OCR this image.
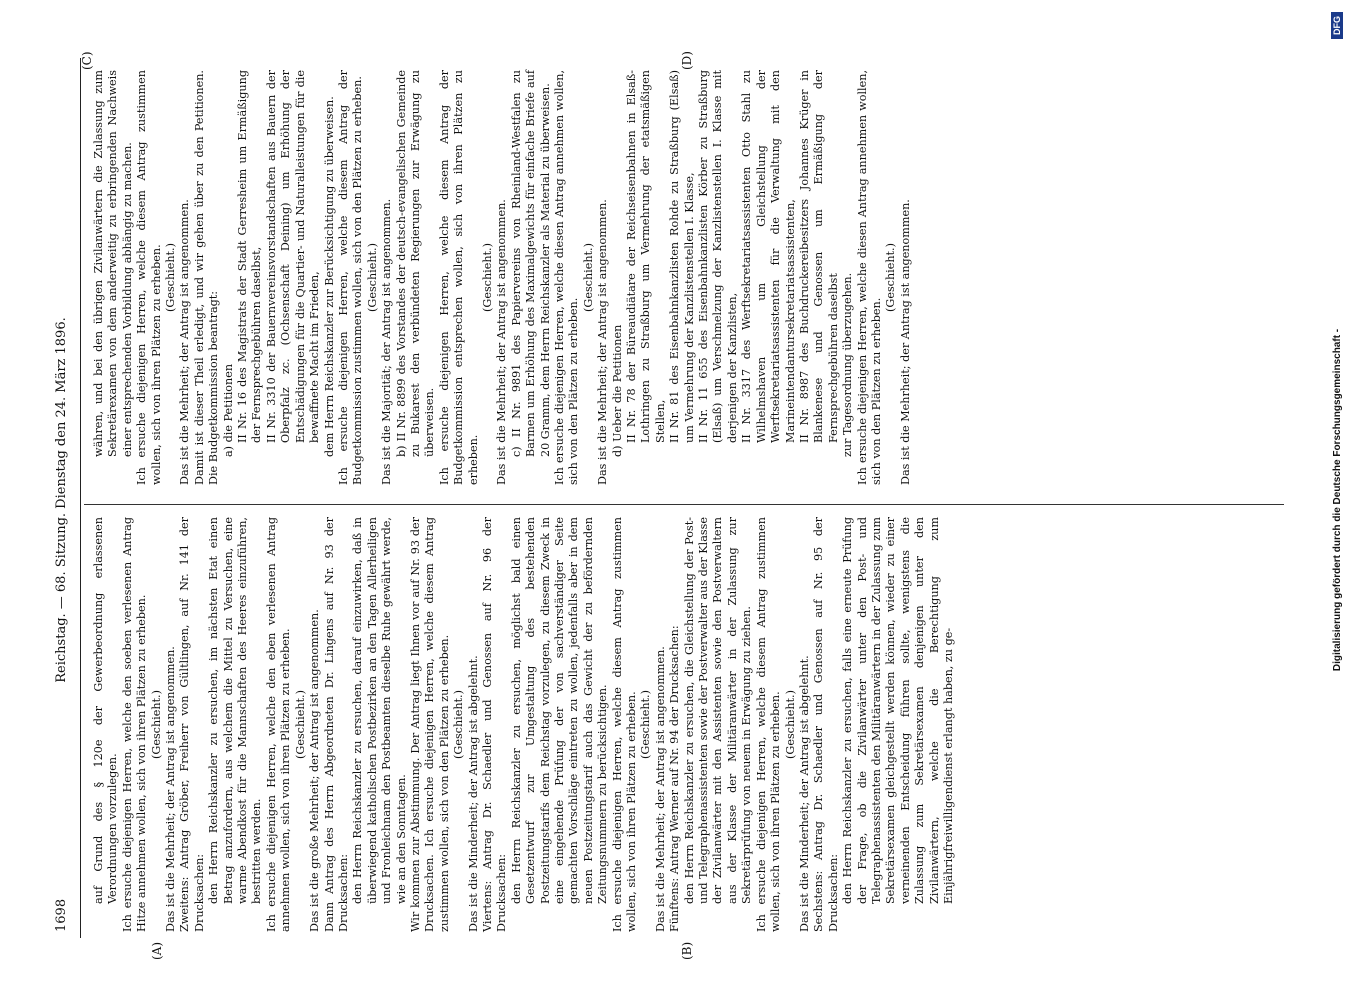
1698
Reichstag. — 68. Sitzung. Dienstag den 24. März 1896.
(A)	(B)
(C)	(D)

auf Grund des § 120e der Gewerbeordnung erlassenen Verordnungen vorzulegen. Ich ersuche diejenigen Herren, welche den soeben verlesenen Antrag Hitze annehmen wollen, sich von ihren Plätzen zu erheben. (Geschieht.) Das ist die Mehrheit; der Antrag ist angenommen. Zweitens: Antrag Gröber, Freiherr von Gültlingen, auf Nr. 141 der Drucksachen: den Herrn Reichskanzler zu ersuchen, im nächsten Etat einen Betrag anzufordern, aus welchem die Mittel zu Versuchen, eine warme Abendkost für die Mannschaften des Heeres einzuführen, bestritten werden. Ich ersuche diejenigen Herren, welche den eben verlesenen Antrag annehmen wollen, sich von ihren Plätzen zu erheben. (Geschieht.) Das ist die große Mehrheit; der Antrag ist angenommen. Dann Antrag des Herrn Abgeordneten Dr. Lingens auf Nr. 93 der Drucksachen: den Herrn Reichskanzler zu ersuchen, darauf einzuwirken, daß in überwiegend katholischen Postbezirken an den Tagen Allerheiligen und Fronleichnam den Postbeamten dieselbe Ruhe gewährt werde, wie an den Sonntagen. Wir kommen zur Abstimmung. Der Antrag liegt Ihnen vor auf Nr. 93 der Drucksachen. Ich ersuche diejenigen Herren, welche diesem Antrag zustimmen wollen, sich von den Plätzen zu erheben. (Geschieht.) Das ist die Minderheit; der Antrag ist abgelehnt. Viertens: Antrag Dr. Schaedler und Genossen auf Nr. 96 der Drucksachen: den Herrn Reichskanzler zu ersuchen, möglichst bald einen Gesetzentwurf zur Umgestaltung des bestehenden Postzeitungstarifs dem Reichstag vorzulegen, zu diesem Zweck in eine eingehende Prüfung der von sachverständiger Seite gemachten Vorschläge eintreten zu wollen, jedenfalls aber in dem neuen Postzeitungstarif auch das Gewicht der zu befördernden Zeitungsnummern zu berücksichtigen. Ich ersuche diejenigen Herren, welche diesem Antrag zustimmen wollen, sich von ihren Plätzen zu erheben. (Geschieht.) Das ist die Mehrheit; der Antrag ist angenommen. Fünftens: Antrag Werner auf Nr. 94 der Drucksachen: den Herrn Reichskanzler zu ersuchen, die Gleichstellung der Post- und Telegraphenassistenten sowie der Postverwalter aus der Klasse der Zivilanwärter mit den Assistenten sowie den Postverwaltern aus der Klasse der Militäranwärter in der Zulassung zur Sekretärprüfung von neuem in Erwägung zu ziehen. Ich ersuche diejenigen Herren, welche diesem Antrag zustimmen wollen, sich von ihren Plätzen zu erheben. (Geschieht.) Das ist die Minderheit; der Antrag ist abgelehnt. Sechstens: Antrag Dr. Schaedler und Genossen auf Nr. 95 der Drucksachen: den Herrn Reichskanzler zu ersuchen, falls eine erneute Prüfung der Frage, ob die Zivilanwärter unter den Post- und Telegraphenassistenten den Militäranwärtern in der Zulassung zum Sekretärsexamen gleichgestellt werden können, wieder zu einer verneinenden Entscheidung führen sollte, wenigstens die Zulassung zum Sekretärsexamen denjenigen unter den Zivilanwärtern, welche die Berechtigung zum Einjährigfreiwilligendienst erlangt haben, zu ge-

währen, und bei den übrigen Zivilanwärtern die Zulassung zum Sekretärexamen von dem anderweitig zu erbringenden Nachweis einer entsprechenden Vorbildung abhängig zu machen. Ich ersuche diejenigen Herren, welche diesem Antrag zustimmen wollen, sich von ihren Plätzen zu erheben. (Geschieht.) Das ist die Mehrheit; der Antrag ist angenommen. Damit ist dieser Theil erledigt, und wir gehen über zu den Petitionen. Die Budgetkommission beantragt: a) die Petitionen II Nr. 16 des Magistrats der Stadt Gerresheim um Ermäßigung der Fernsprechgebühren daselbst, II Nr. 3310 der Bauernvereinsvorstandschaften aus Bauern der Oberpfalz zc. (Ochsenschaft Deining) um Erhöhung der Entschädigungen für die Quartier- und Naturalleistungen für die bewaffnete Macht im Frieden, dem Herrn Reichskanzler zur Berücksichtigung zu überweisen. Ich ersuche diejenigen Herren, welche diesem Antrag der Budgetkommission zustimmen wollen, sich von den Plätzen zu erheben. (Geschieht.) Das ist die Majorität; der Antrag ist angenommen. b) II Nr. 8899 des Vorstandes der deutsch-evangelischen Gemeinde zu Bukarest den verbündeten Regierungen zur Erwägung zu überweisen. Ich ersuche diejenigen Herren, welche diesem Antrag der Budgetkommission entsprechen wollen, sich von ihren Plätzen zu erheben.

(Geschieht.) Das ist die Mehrheit; der Antrag ist angenommen. c) II Nr. 9891 des Papiervereins von Rheinland-Westfalen zu Barmen um Erhöhung des Maximalgewichts für einfache Briefe auf 20 Gramm, dem Herrn Reichskanzler als Material zu überweisen. Ich ersuche diejenigen Herren, welche diesen Antrag annehmen wollen, sich von den Plätzen zu erheben.

(Geschieht.) Das ist die Mehrheit; der Antrag ist angenommen. d) Ueber die Petitionen II Nr. 78 der Büreaudiätare der Reichseisenbahnen in Elsaß-Lothringen zu Straßburg um Vermehrung der etatsmäßigen Stellen, II Nr. 81 des Eisenbahnkanzlisten Rohde zu Straßburg (Elsaß) um Vermehrung der Kanzlistenstellen I. Klasse, II Nr. 11 655 des Eisenbahnkanzlisten Körber zu Straßburg (Elsaß) um Verschmelzung der Kanzlistenstellen I. Klasse mit derjenigen der Kanzlisten, II Nr. 3317 des Werftsekretariatsassistenten Otto Stahl zu Wilhelmshaven um Gleichstellung der Werftsekretariatsassistenten für die Verwaltung mit den Marineintendantursekretariatsassistenten, II Nr. 8987 des Buchdruckereibesitzers Johannes Krüger in Blankenese und Genossen um Ermäßigung der Fernsprechgebühren daselbst zur Tagesordnung überzugehen. Ich ersuche diejenigen Herren, welche diesen Antrag annehmen wollen, sich von den Plätzen zu erheben.

(Geschieht.) Das ist die Mehrheit; der Antrag ist angenommen.	Digitalisierung gefördert durch die Deutsche Forschungsgemeinschaft -
DFG
